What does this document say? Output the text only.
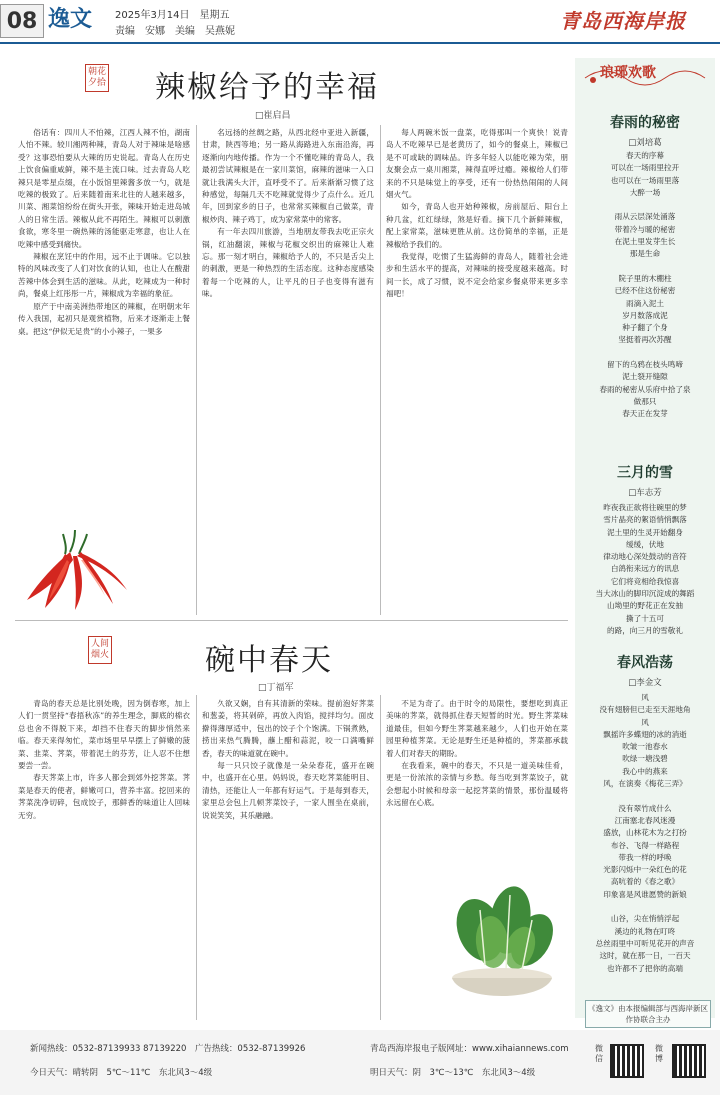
08 逸文 2025年3月14日　星期五
责编　安娜　美编　吴燕妮	青岛西海岸报
朝花夕拾 辣椒给予的幸福
□崔启昌

俗话有：四川人不怕辣，江西人辣不怕，湖南人怕不辣。较川湘两种辣，青岛人对于辣味是啥感受？这事恐怕要从大辣的历史说起。青岛人在历史上饮食偏重咸鲜，辣不是主流口味。过去青岛人吃辣只是零星点缀，在小饭馆里辣酱多放一勺，就是吃辣的极致了。后来随着南来北往的人越来越多，川菜、湘菜馆纷纷在街头开张，辣味开始走进岛城人的日常生活。辣椒从此不再陌生。辣椒可以刺激食欲，寒冬里一碗热辣的汤能驱走寒意，也让人在吃辣中感受到痛快。

辣椒在烹饪中的作用，远不止于调味。它以独特的风味改变了人们对饮食的认知，也让人在酸甜苦辣中体会到生活的滋味。从此，吃辣成为一种时尚，餐桌上红彤彤一片，辣椒成为幸福的象征。

原产于中南美洲热带地区的辣椒，在明朝末年传入我国，起初只是观赏植物，后来才逐渐走上餐桌。把这“伊似无足贵”的小小辣子，一果多

名远扬的丝绸之路，从西北经中亚进入新疆，甘肃，陕西等地；另一路从海路进入东南沿海，再逐渐向内地传播。作为一个不懂吃辣的青岛人，我最初尝试辣椒是在一家川菜馆，麻辣的滋味一入口就让我满头大汗，直呼受不了。后来渐渐习惯了这种感觉，每隔几天不吃辣就觉得少了点什么。近几年，回到家乡的日子，也常常买辣椒自己做菜，青椒炒肉、辣子鸡丁，成为家常菜中的常客。

有一年去四川旅游，当地朋友带我去吃正宗火锅，红油翻滚，辣椒与花椒交织出的麻辣让人难忘。那一刻才明白，辣椒给予人的，不只是舌尖上的刺激，更是一种热烈的生活态度。这种态度感染着每一个吃辣的人，让平凡的日子也变得有滋有味。

每人两碗米饭一盘菜，吃得那叫一个爽快！说青岛人不吃辣早已是老黄历了，如今的餐桌上，辣椒已是不可或缺的调味品。许多年轻人以能吃辣为荣，朋友聚会点一桌川湘菜，辣得直呼过瘾。辣椒给人们带来的不只是味觉上的享受，还有一份热热闹闹的人间烟火气。

如今，青岛人也开始种辣椒，房前屋后、阳台上种几盆，红红绿绿，煞是好看。摘下几个新鲜辣椒，配上家常菜，滋味更胜从前。这份简单的幸福，正是辣椒给予我们的。

我觉得，吃惯了生猛海鲜的青岛人，随着社会进步和生活水平的提高，对辣味的接受度越来越高。时间一长，成了习惯，说不定会给家乡餐桌带来更多幸福吧！

人间烟火	碗中春天
□丁福军

青岛的春天总是比别处晚，因为倒春寒，加上人们一贯坚持“春捂秋冻”的养生理念，脚底的棉衣总也舍不得脱下来，却挡不住春天的脚步悄然来临。春天来得匆忙，菜市场里早早摆上了鲜嫩的菠菜、韭菜、荠菜，带着泥土的芬芳，让人忍不住想要尝一尝。

春天荠菜上市，许多人都会到郊外挖荠菜。荠菜是春天的使者，鲜嫩可口，营养丰富。挖回来的荠菜洗净切碎，包成饺子，那鲜香的味道让人回味无穷。

久欲又娴，自有其清新的荣味。提前泡好荠菜和葱姜，将其剁碎，再放入肉馅，搅拌均匀。面皮擀得薄厚适中，包出的饺子个个饱满。下锅煮熟，捞出来热气腾腾，蘸上醋和蒜泥，咬一口满嘴鲜香，春天的味道就在碗中。

每一只只饺子就像是一朵朵春花，盛开在碗中，也盛开在心里。妈妈说，春天吃荠菜能明目、清热，还能让人一年都有好运气。于是每到春天，家里总会包上几顿荠菜饺子，一家人围坐在桌前，说说笑笑，其乐融融。

不足为奇了。由于时令的局限性，要想吃到真正美味的荠菜，就得抓住春天短暂的时光。野生荠菜味道最佳，但如今野生荠菜越来越少，人们也开始在菜园里种植荠菜。无论是野生还是种植的，荠菜都承载着人们对春天的期盼。

在我看来，碗中的春天，不只是一道美味佳肴，更是一份浓浓的亲情与乡愁。每当吃到荠菜饺子，就会想起小时候和母亲一起挖荠菜的情景，那份温暖将永远留在心底。

琅琊欢歌
春雨的秘密
□刘培葛
春天的序幕
可以在一场雨里拉开
也可以在一场雨里落
大醉一场

雨从云层深处涌落
带着冷与暖的秘密
在泥土里发芽生长
那是生命

院子里的木棚柱
已经不住这份秘密
雨滴入泥土
岁月数落成泥
种子翻了个身
坚挺着再次苏醒

留下的乌鸦在枝头鸣啼
泥土裂开缝隙
春雨的秘密从乐府中拾了泉
做那只
春天正在发芽
三月的雪
□车志芳
昨夜我正欲将往碗里的梦
雪片晶亮的絮语悄悄飘落
泥土里的生灵开始翻身
缓缓，伏地
律动地心深处鼓动的音符
白鸽衔来远方的讯息
它们将竞相给我惊喜
当大冰山的脚印沉淀成的舞蹈
山坳里的野花正在发抽
撕了十五可
的路，向三月的雪敬礼
春风浩荡
□李金文
风
没有翅膀但已走至天涯地角
风
飘摇许多蝶翅的冰的消逝
吹皱一池春水
吹绿一塘浅碧
我心中的燕来
风，在演奏《梅花三弄》

没有翠竹成什么
江南塞北春风迷漫
盛放，山林花木为之打扮
布谷、飞得一样路程
带我一样的呼唤
光影闪烁中一朵红色的花
高吭着的《春之歌》
印象喜是风谁愿赞的新娘

山谷，尖在悄悄浮起
溪边的礼物在叮咚
总丝雨里中可听见花开的声音
这时，就在那一日，一百天
也许都不了把你的高端
《逸文》由本报编辑部与西海岸新区作协联合主办
新闻热线：0532-87139933 87139220　广告热线：0532-87139926	青岛西海岸报电子版网址：www.xihaiannews.com
今日天气：晴转阴　5℃～11℃　东北风3～4级	明日天气：阴　3℃～13℃　东北风3～4级
微信
微博
